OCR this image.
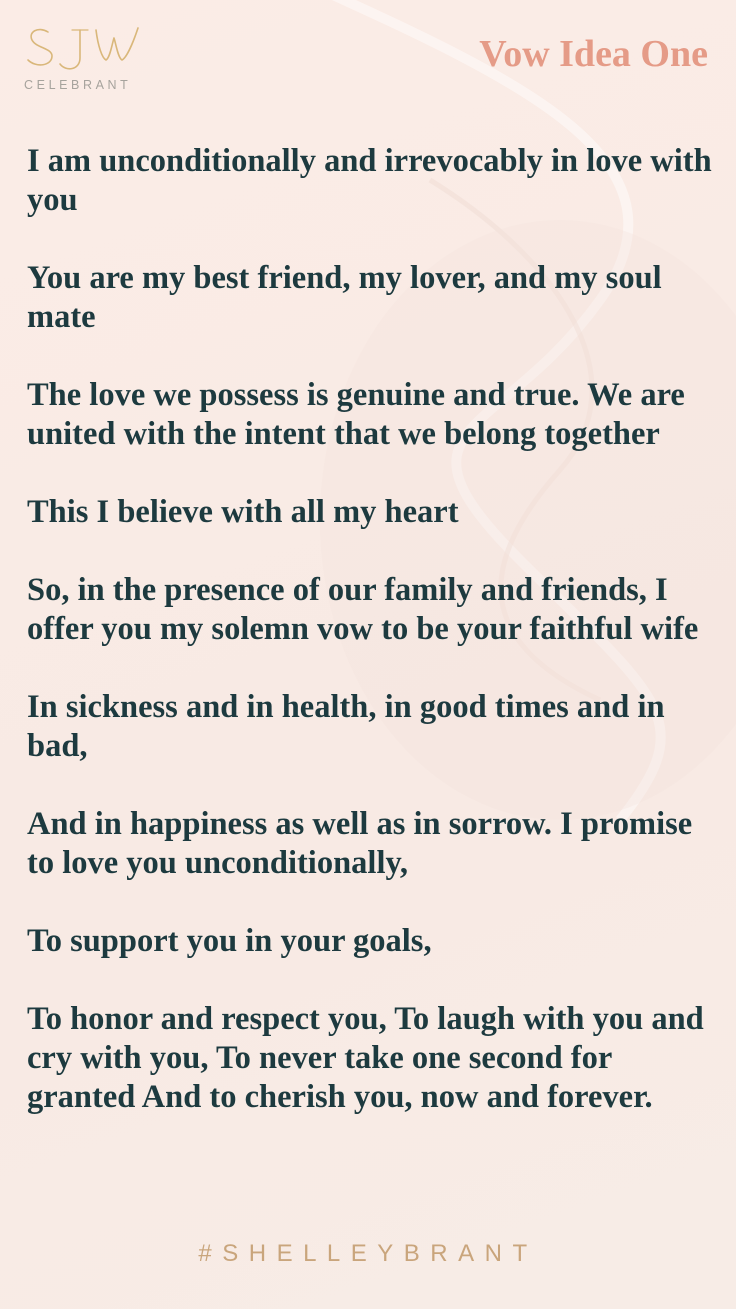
CELEBRANT
Vow Idea One

I am unconditionally and irrevocably in love with you

You are my best friend, my lover, and my soul mate

The love we possess is genuine and true. We are united with the intent that we belong together

This I believe with all my heart

So, in the presence of our family and friends, I offer you my solemn vow to be your faithful wife

In sickness and in health, in good times and in bad,

And in happiness as well as in sorrow. I promise to love you unconditionally,

To support you in your goals,

To honor and respect you, To laugh with you and cry with you, To never take one second for granted And to cherish you, now and forever.

#SHELLEYBRANT
